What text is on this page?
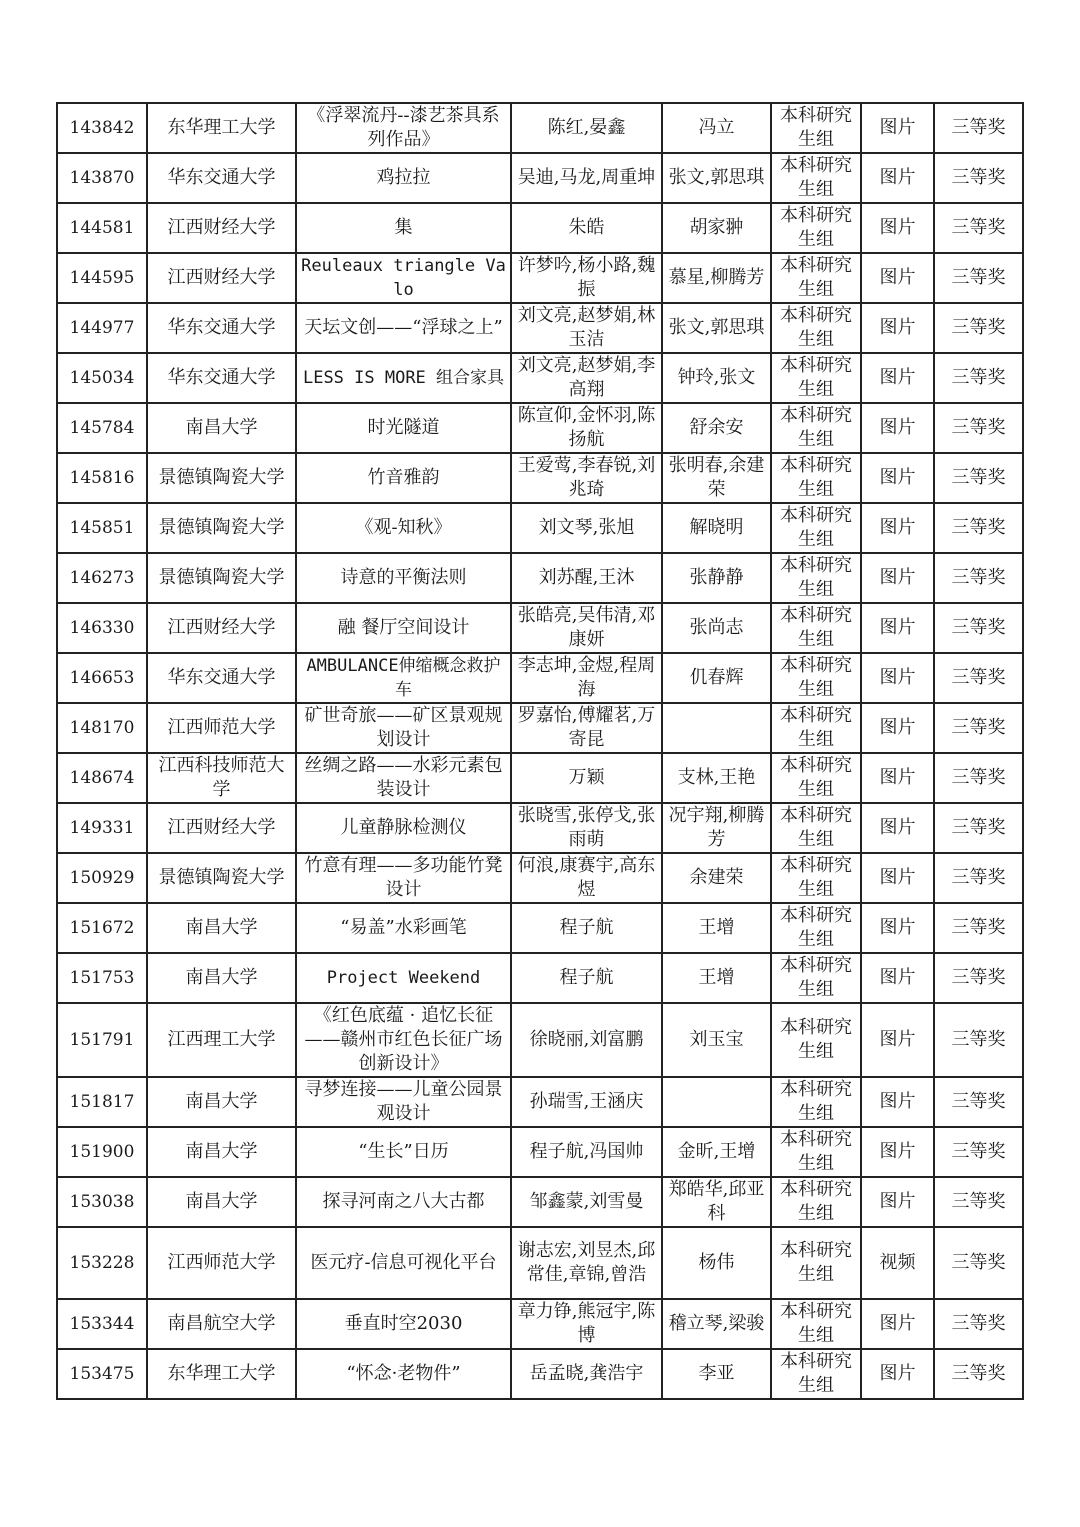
143842	东华理工大学	《浮翠流丹--漆艺茶具系列作品》	陈红,晏鑫	冯立	本科研究生组	图片	三等奖
143870	华东交通大学	鸡拉拉	吴迪,马龙,周重坤	张文,郭思琪	本科研究生组	图片	三等奖
144581	江西财经大学	集	朱皓	胡家翀	本科研究生组	图片	三等奖
144595	江西财经大学	Reuleaux triangle Valo	许梦吟,杨小路,魏振	慕星,柳腾芳	本科研究生组	图片	三等奖
144977	华东交通大学	天坛文创——“浮球之上”	刘文亮,赵梦娟,林玉洁	张文,郭思琪	本科研究生组	图片	三等奖
145034	华东交通大学	LESS IS MORE 组合家具	刘文亮,赵梦娟,李高翔	钟玲,张文	本科研究生组	图片	三等奖
145784	南昌大学	时光隧道	陈宣仰,金怀羽,陈扬航	舒余安	本科研究生组	图片	三等奖
145816	景德镇陶瓷大学	竹音雅韵	王爱莺,李春锐,刘兆琦	张明春,余建荣	本科研究生组	图片	三等奖
145851	景德镇陶瓷大学	《观-知秋》	刘文琴,张旭	解晓明	本科研究生组	图片	三等奖
146273	景德镇陶瓷大学	诗意的平衡法则	刘苏醒,王沐	张静静	本科研究生组	图片	三等奖
146330	江西财经大学	融 餐厅空间设计	张皓亮,吴伟清,邓康妍	张尚志	本科研究生组	图片	三等奖
146653	华东交通大学	AMBULANCE伸缩概念救护车	李志坤,金煜,程周海	仉春辉	本科研究生组	图片	三等奖
148170	江西师范大学	矿世奇旅——矿区景观规划设计	罗嘉怡,傅耀茗,万寄昆		本科研究生组	图片	三等奖
148674	江西科技师范大学	丝绸之路——水彩元素包装设计	万颖	支林,王艳	本科研究生组	图片	三等奖
149331	江西财经大学	儿童静脉检测仪	张晓雪,张停戈,张雨萌	况宇翔,柳腾芳	本科研究生组	图片	三等奖
150929	景德镇陶瓷大学	竹意有理——多功能竹凳设计	何浪,康赛宇,高东煜	余建荣	本科研究生组	图片	三等奖
151672	南昌大学	“易盖”水彩画笔	程子航	王增	本科研究生组	图片	三等奖
151753	南昌大学	Project Weekend	程子航	王增	本科研究生组	图片	三等奖
151791	江西理工大学	《红色底蕴 · 追忆长征——赣州市红色长征广场创新设计》	徐晓丽,刘富鹏	刘玉宝	本科研究生组	图片	三等奖
151817	南昌大学	寻梦连接——儿童公园景观设计	孙瑞雪,王涵庆		本科研究生组	图片	三等奖
151900	南昌大学	“生长”日历	程子航,冯国帅	金昕,王增	本科研究生组	图片	三等奖
153038	南昌大学	探寻河南之八大古都	邹鑫蒙,刘雪曼	郑皓华,邱亚科	本科研究生组	图片	三等奖
153228	江西师范大学	医元疗-信息可视化平台	谢志宏,刘昱杰,邱常佳,章锦,曾浩	杨伟	本科研究生组	视频	三等奖
153344	南昌航空大学	垂直时空2030	章力铮,熊冠宇,陈博	稽立琴,梁骏	本科研究生组	图片	三等奖
153475	东华理工大学	“怀念·老物件”	岳孟晓,龚浩宇	李亚	本科研究生组	图片	三等奖
